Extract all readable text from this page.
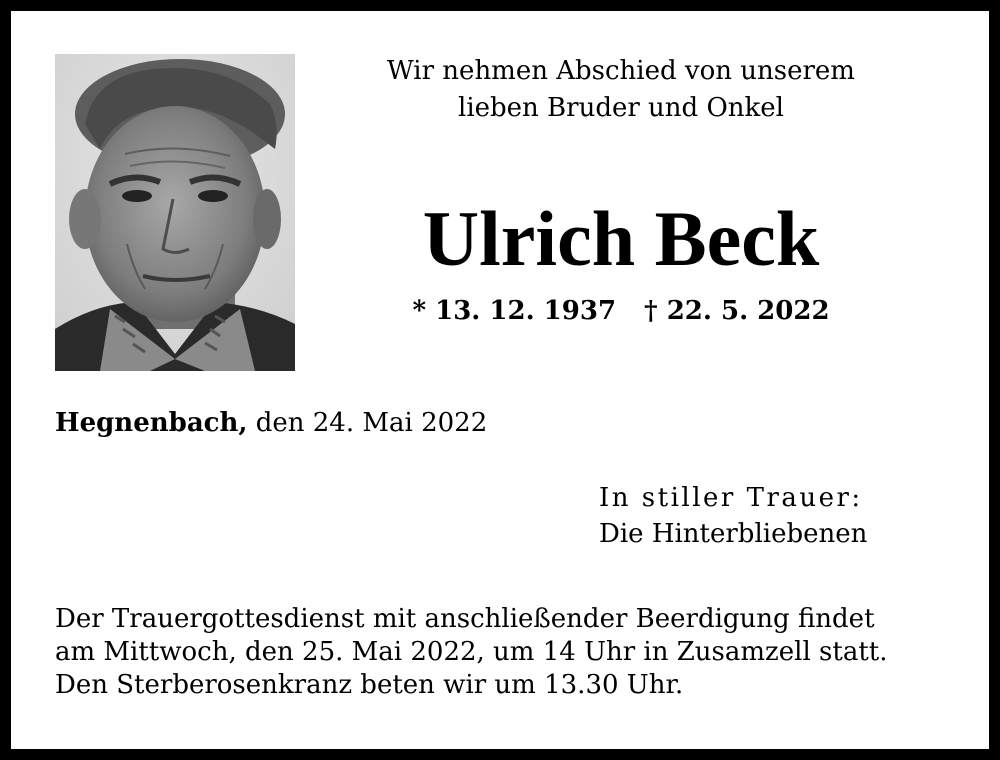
Wir nehmen Abschied von unserem
lieben Bruder und Onkel
Ulrich Beck
* 13. 12. 1937 † 22. 5. 2022
Hegnenbach, den 24. Mai 2022
In stiller Trauer:
Die Hinterbliebenen
Der Trauergottesdienst mit anschließender Beerdigung findet
am Mittwoch, den 25. Mai 2022, um 14 Uhr in Zusamzell statt.
Den Sterberosenkranz beten wir um 13.30 Uhr.
